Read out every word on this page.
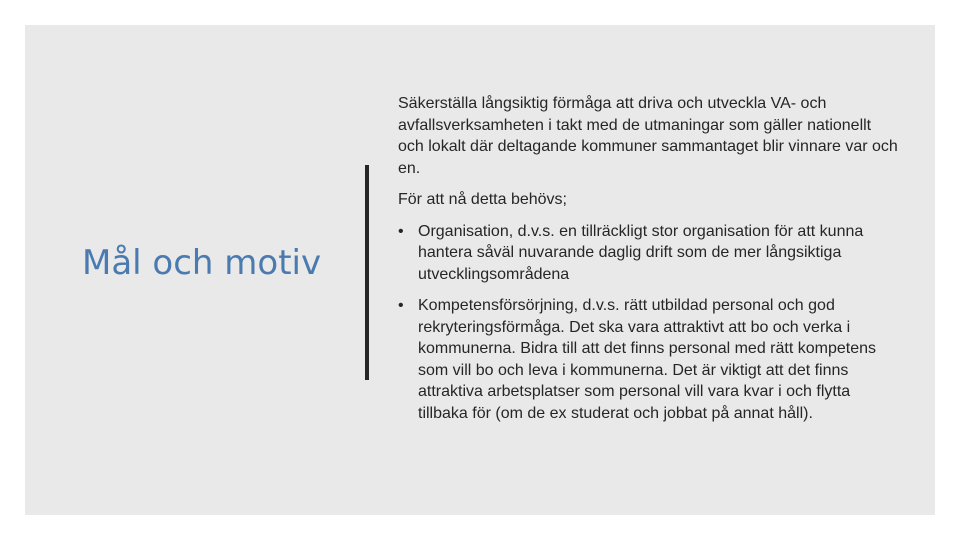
Mål och motiv

Säkerställa långsiktig förmåga att driva och utveckla VA- och avfallsverksamheten i takt med de utmaningar som gäller nationellt och lokalt där deltagande kommuner sammantaget blir vinnare var och en.

För att nå detta behövs;

• Organisation, d.v.s. en tillräckligt stor organisation för att kunna hantera såväl nuvarande daglig drift som de mer långsiktiga utvecklingsområdena
• Kompetensförsörjning, d.v.s. rätt utbildad personal och god rekryteringsförmåga. Det ska vara attraktivt att bo och verka i kommunerna. Bidra till att det finns personal med rätt kompetens som vill bo och leva i kommunerna. Det är viktigt att det finns attraktiva arbetsplatser som personal vill vara kvar i och flytta tillbaka för (om de ex studerat och jobbat på annat håll).
